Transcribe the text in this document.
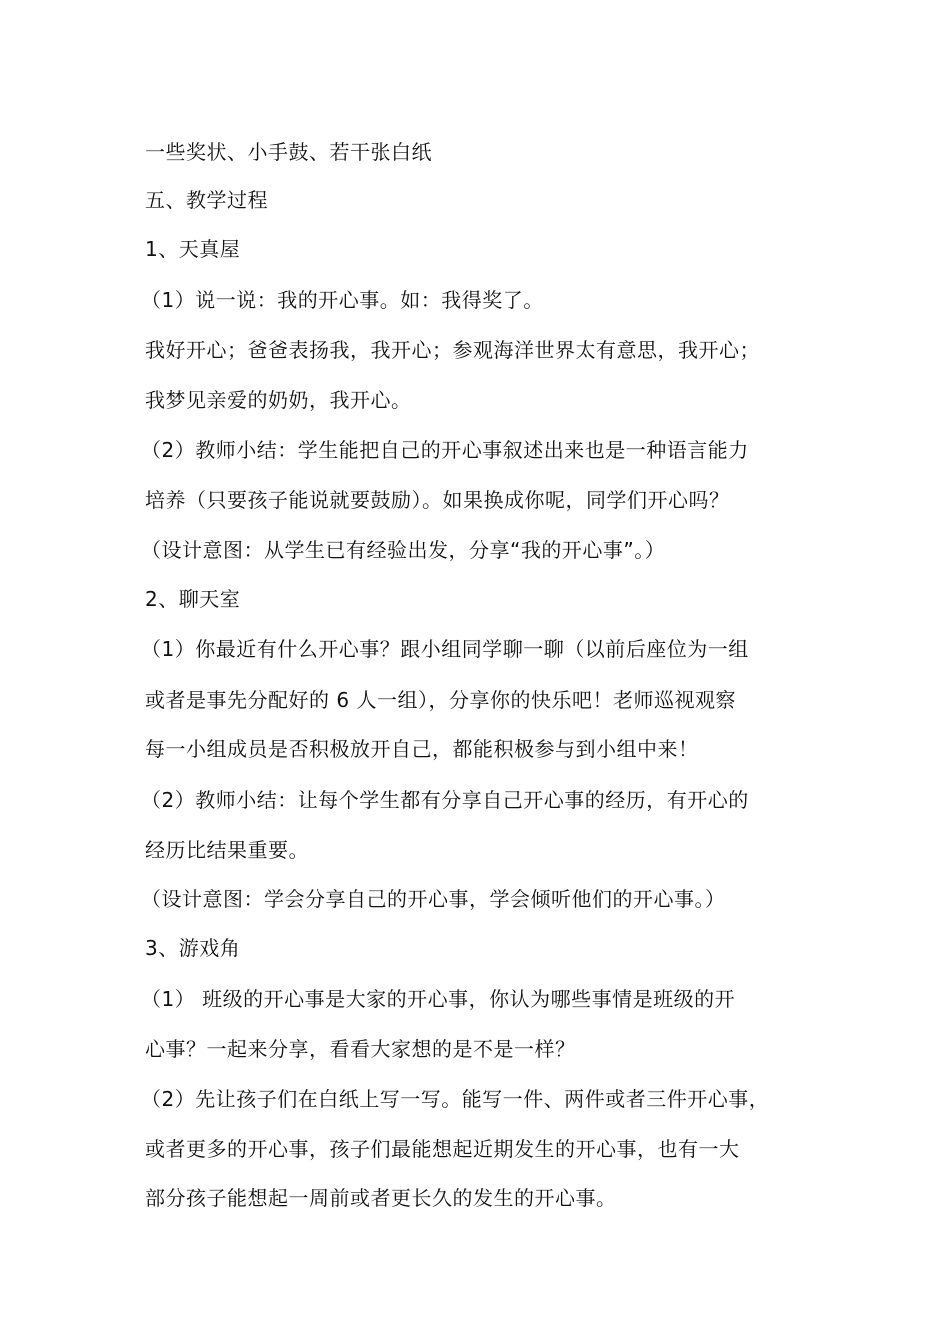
一些奖状、小手鼓、若干张白纸
五、教学过程
1、天真屋
（1）说一说：我的开心事。如：我得奖了。
我好开心；爸爸表扬我，我开心；参观海洋世界太有意思，我开心；
我梦见亲爱的奶奶，我开心。
（2）教师小结：学生能把自己的开心事叙述出来也是一种语言能力
培养（只要孩子能说就要鼓励）。如果换成你呢，同学们开心吗？
（设计意图：从学生已有经验出发，分享“我的开心事”。）
2、聊天室
（1）你最近有什么开心事？跟小组同学聊一聊（以前后座位为一组
或者是事先分配好的 6 人一组），分享你的快乐吧！老师巡视观察
每一小组成员是否积极放开自己，都能积极参与到小组中来！
（2）教师小结：让每个学生都有分享自己开心事的经历，有开心的
经历比结果重要。
（设计意图：学会分享自己的开心事，学会倾听他们的开心事。）
3、游戏角
（1） 班级的开心事是大家的开心事，你认为哪些事情是班级的开
心事？一起来分享，看看大家想的是不是一样？
（2）先让孩子们在白纸上写一写。能写一件、两件或者三件开心事，
或者更多的开心事，孩子们最能想起近期发生的开心事，也有一大
部分孩子能想起一周前或者更长久的发生的开心事。
